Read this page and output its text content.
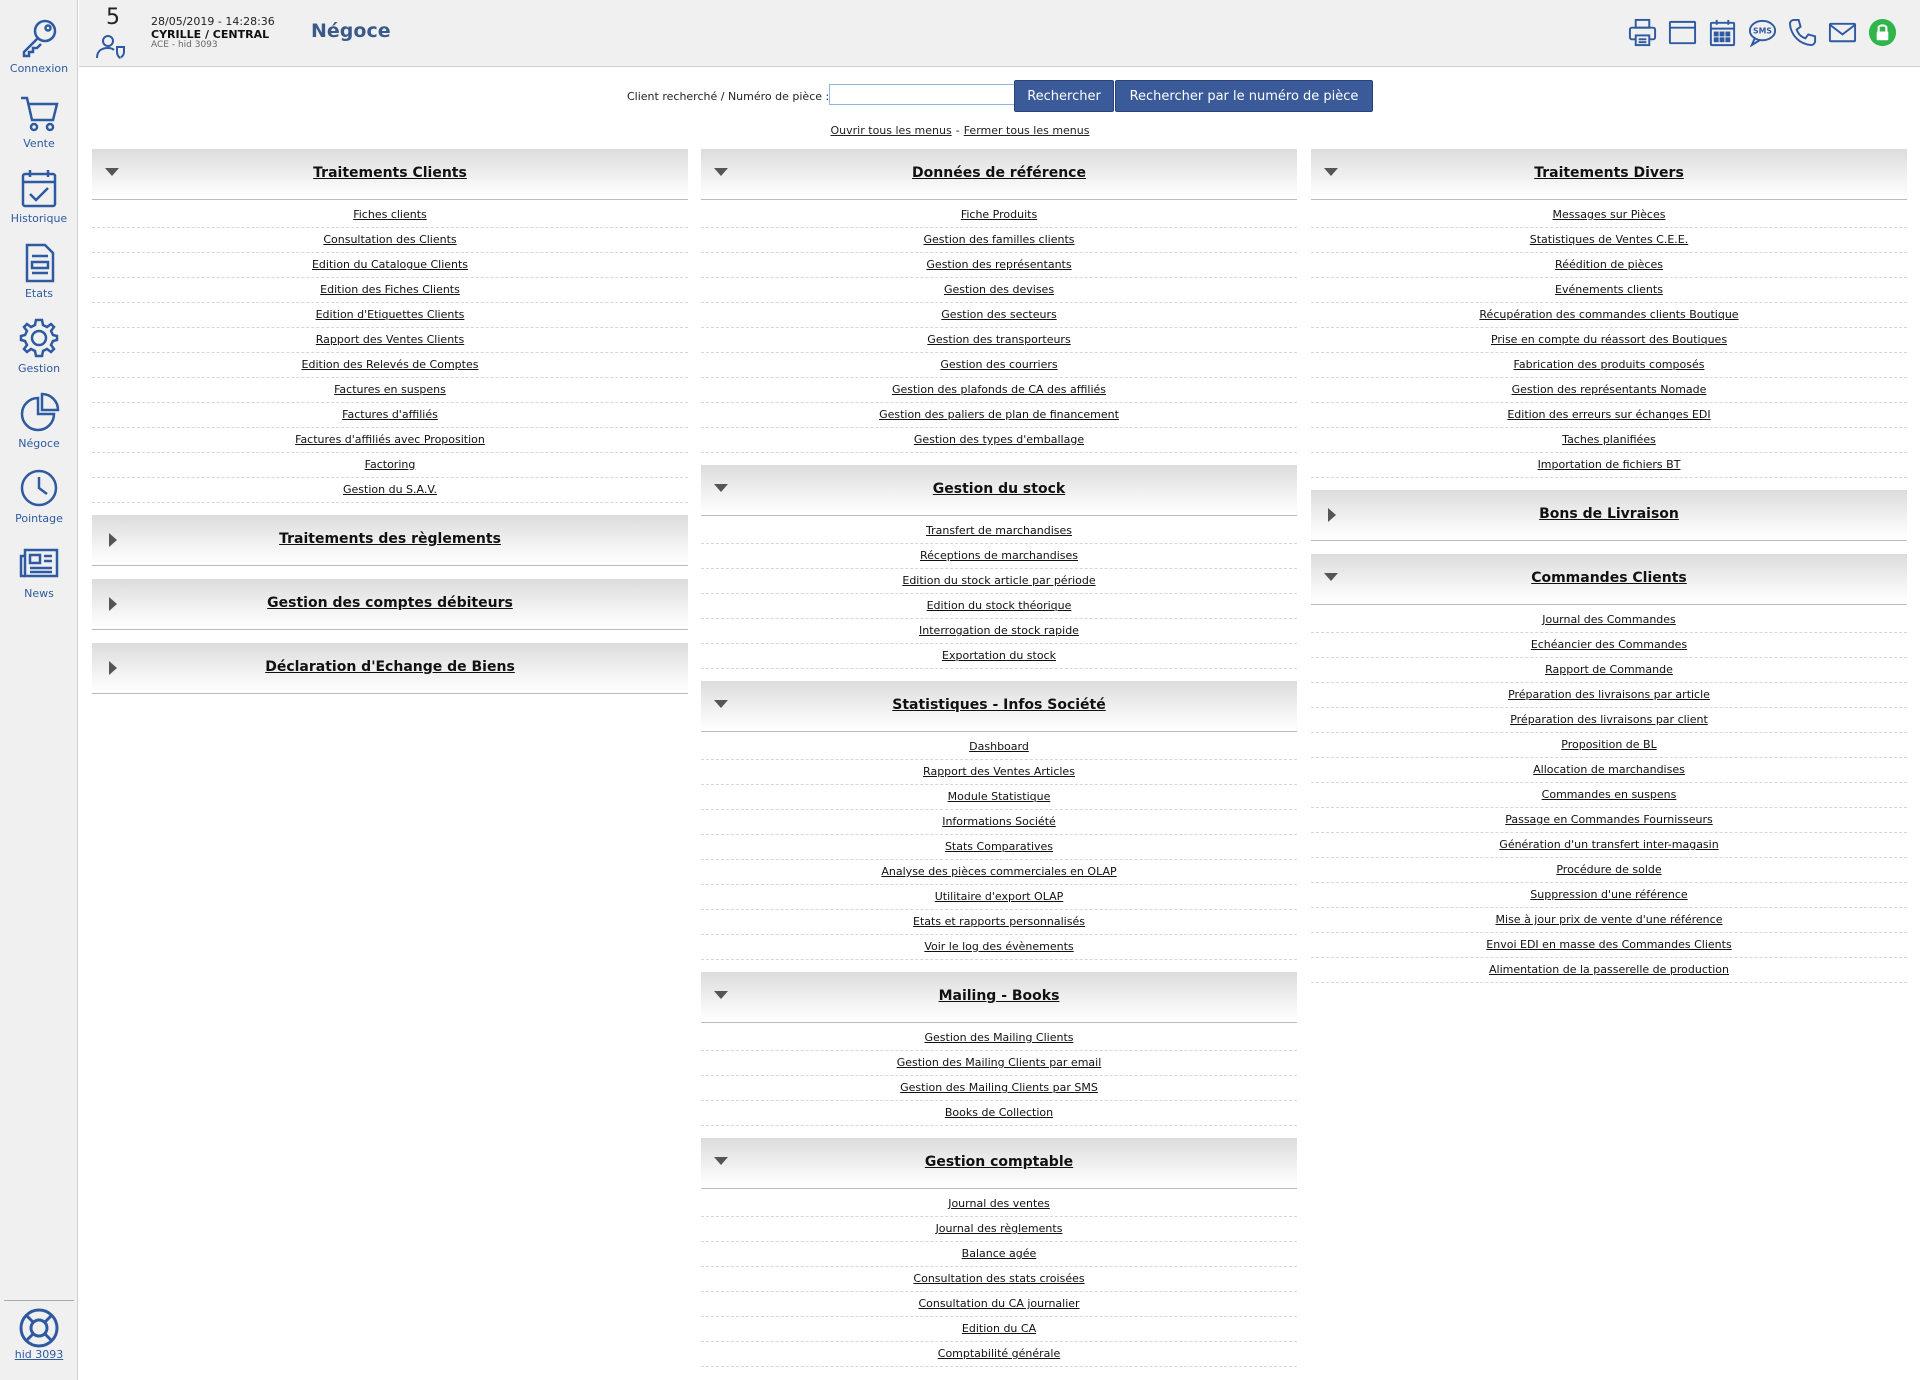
Connexion
Vente
Historique
Etats
Gestion
Négoce
Pointage
News
hid 3093
5	28/05/2019 - 14:28:36
CYRILLE / CENTRAL
ACE - hid 3093
Négoce	SMS
Client recherché / Numéro de pièce :	Rechercher	Rechercher par le numéro de pièce
Ouvrir tous les menus - Fermer tous les menus
Traitements Clients
Fiches clients
Consultation des Clients
Edition du Catalogue Clients
Edition des Fiches Clients
Edition d'Etiquettes Clients
Rapport des Ventes Clients
Edition des Relevés de Comptes
Factures en suspens
Factures d'affiliés
Factures d'affiliés avec Proposition
Factoring
Gestion du S.A.V.
Traitements des règlements
Gestion des comptes débiteurs
Déclaration d'Echange de Biens
Données de référence
Fiche Produits
Gestion des familles clients
Gestion des représentants
Gestion des devises
Gestion des secteurs
Gestion des transporteurs
Gestion des courriers
Gestion des plafonds de CA des affiliés
Gestion des paliers de plan de financement
Gestion des types d'emballage
Gestion du stock
Transfert de marchandises
Réceptions de marchandises
Edition du stock article par période
Edition du stock théorique
Interrogation de stock rapide
Exportation du stock
Statistiques - Infos Société
Dashboard
Rapport des Ventes Articles
Module Statistique
Informations Société
Stats Comparatives
Analyse des pièces commerciales en OLAP
Utilitaire d'export OLAP
Etats et rapports personnalisés
Voir le log des évènements
Mailing - Books
Gestion des Mailing Clients
Gestion des Mailing Clients par email
Gestion des Mailing Clients par SMS
Books de Collection
Gestion comptable
Journal des ventes
Journal des règlements
Balance agée
Consultation des stats croisées
Consultation du CA journalier
Edition du CA
Comptabilité générale
Traitements Divers
Messages sur Pièces
Statistiques de Ventes C.E.E.
Réédition de pièces
Evénements clients
Récupération des commandes clients Boutique
Prise en compte du réassort des Boutiques
Fabrication des produits composés
Gestion des représentants Nomade
Edition des erreurs sur échanges EDI
Taches planifiées
Importation de fichiers BT
Bons de Livraison
Commandes Clients
Journal des Commandes
Echéancier des Commandes
Rapport de Commande
Préparation des livraisons par article
Préparation des livraisons par client
Proposition de BL
Allocation de marchandises
Commandes en suspens
Passage en Commandes Fournisseurs
Génération d'un transfert inter-magasin
Procédure de solde
Suppression d'une référence
Mise à jour prix de vente d'une référence
Envoi EDI en masse des Commandes Clients
Alimentation de la passerelle de production
